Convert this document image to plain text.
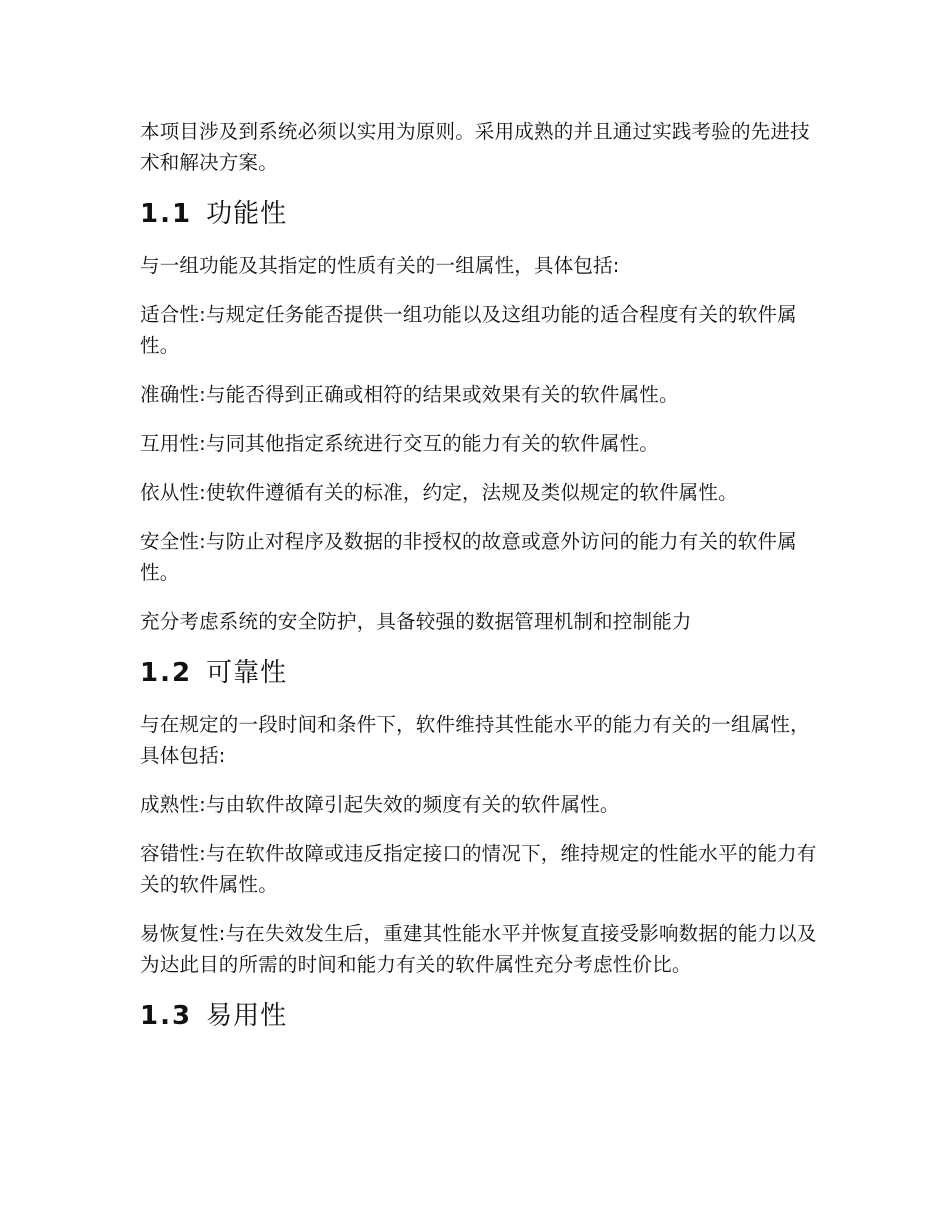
本项目涉及到系统必须以实用为原则。采用成熟的并且通过实践考验的先进技术和解决方案。

1.1 功能性

与一组功能及其指定的性质有关的一组属性，具体包括:

适合性:与规定任务能否提供一组功能以及这组功能的适合程度有关的软件属性。

准确性:与能否得到正确或相符的结果或效果有关的软件属性。

互用性:与同其他指定系统进行交互的能力有关的软件属性。

依从性:使软件遵循有关的标准，约定，法规及类似规定的软件属性。

安全性:与防止对程序及数据的非授权的故意或意外访问的能力有关的软件属性。

充分考虑系统的安全防护，具备较强的数据管理机制和控制能力

1.2 可靠性

与在规定的一段时间和条件下，软件维持其性能水平的能力有关的一组属性，具体包括:

成熟性:与由软件故障引起失效的频度有关的软件属性。

容错性:与在软件故障或违反指定接口的情况下，维持规定的性能水平的能力有关的软件属性。

易恢复性:与在失效发生后，重建其性能水平并恢复直接受影响数据的能力以及为达此目的所需的时间和能力有关的软件属性充分考虑性价比。

1.3 易用性
